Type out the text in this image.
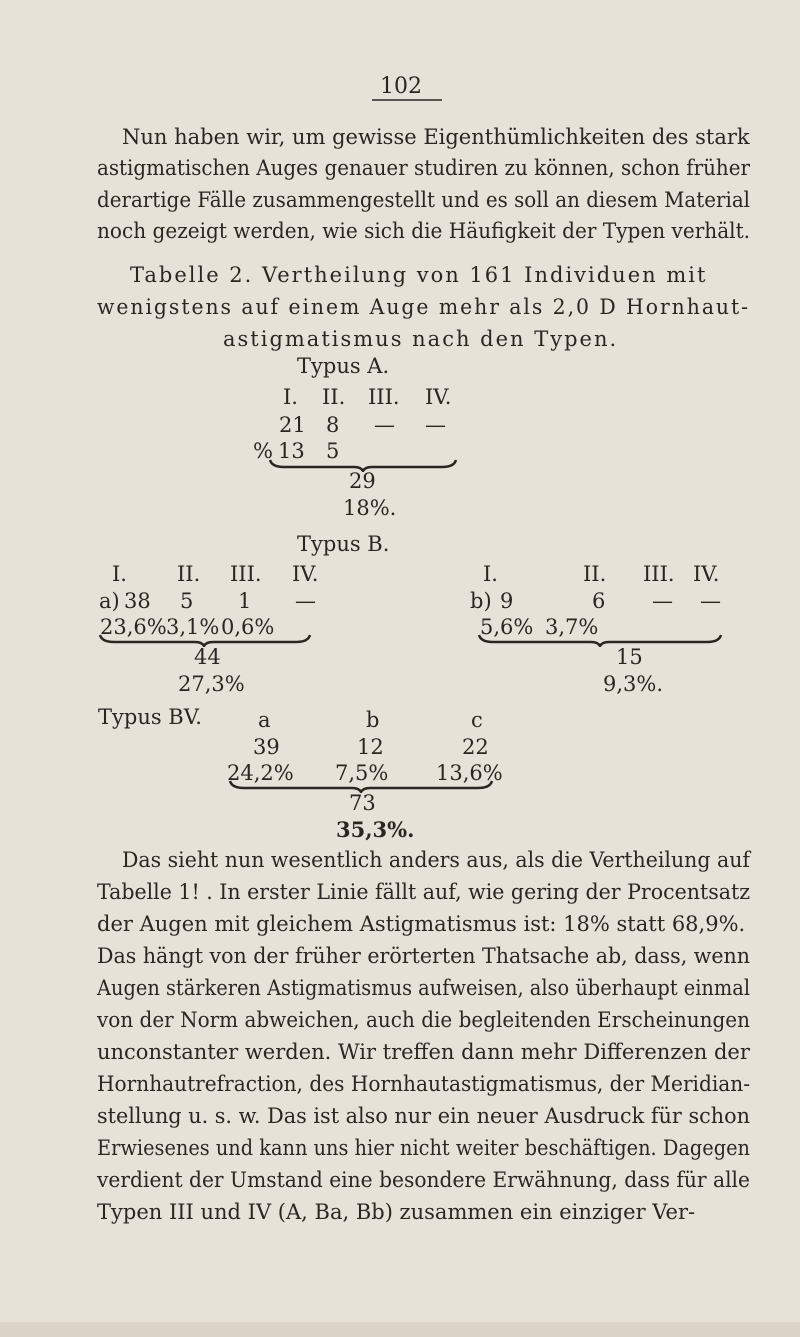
102

Nun haben wir, um gewisse Eigenthümlichkeiten des stark

astigmatischen Auges genauer studiren zu können, schon früher

derartige Fälle zusammengestellt und es soll an diesem Material

noch gezeigt werden, wie sich die Häufigkeit der Typen verhält.

Tabelle 2. Vertheilung von 161 Individuen mit

wenigstens auf einem Auge mehr als 2,0 D Hornhaut-

astigmatismus nach den Typen.

Typus A.
I. II. III. IV.
21 8 — —
% 13 5
29
18%.
Typus B.
I. II. III. IV.
a) 38 5 1 —
23,6% 3,1% 0,6%
44
27,3%
I.	II. III. IV.
b) 9	6 — —
5,6% 3,7%
15
9,3%.
Typus BV.	a	b	c
39	12	22
24,2% 7,5% 13,6%
73
35,3%.

Das sieht nun wesentlich anders aus, als die Vertheilung auf

Tabelle 1! . In erster Linie fällt auf, wie gering der Procentsatz

der Augen mit gleichem Astigmatismus ist: 18% statt 68,9%.

Das hängt von der früher erörterten Thatsache ab, dass, wenn

Augen stärkeren Astigmatismus aufweisen, also überhaupt einmal

von der Norm abweichen, auch die begleitenden Erscheinungen

unconstanter werden. Wir treffen dann mehr Differenzen der

Hornhautrefraction, des Hornhautastigmatismus, der Meridian-

stellung u. s. w. Das ist also nur ein neuer Ausdruck für schon

Erwiesenes und kann uns hier nicht weiter beschäftigen. Dagegen

verdient der Umstand eine besondere Erwähnung, dass für alle

Typen III und IV (A, Ba, Bb) zusammen ein einziger Ver-
